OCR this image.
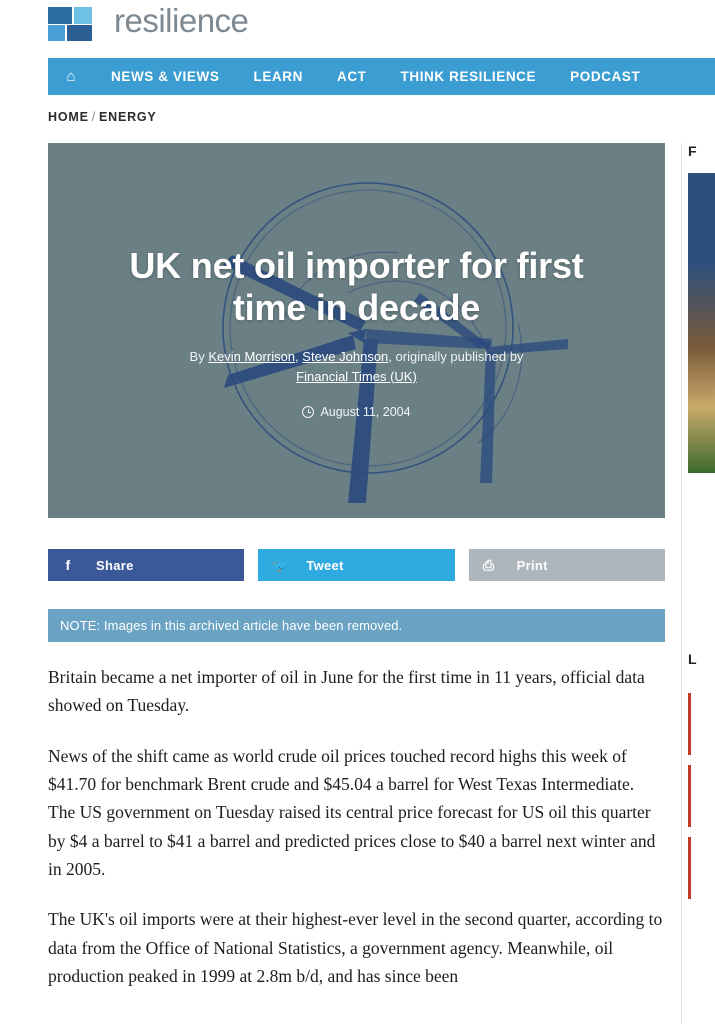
resilience
⌂	NEWS & VIEWS	LEARN	ACT	THINK RESILIENCE	PODCAST
HOME / ENERGY
UK net oil importer for first time in decade
By Kevin Morrison, Steve Johnson, originally published by
Financial Times (UK)
August 11, 2004
f Share	🐦 Tweet	⎙ Print
NOTE: Images in this archived article have been removed.

Britain became a net importer of oil in June for the first time in 11 years, official data showed on Tuesday.

News of the shift came as world crude oil prices touched record highs this week of $41.70 for benchmark Brent crude and $45.04 a barrel for West Texas Intermediate. The US government on Tuesday raised its central price forecast for US oil this quarter by $4 a barrel to $41 a barrel and predicted prices close to $40 a barrel next winter and in 2005.

The UK's oil imports were at their highest-ever level in the second quarter, according to data from the Office of National Statistics, a government agency. Meanwhile, oil production peaked in 1999 at 2.8m b/d, and has since been

F
L
